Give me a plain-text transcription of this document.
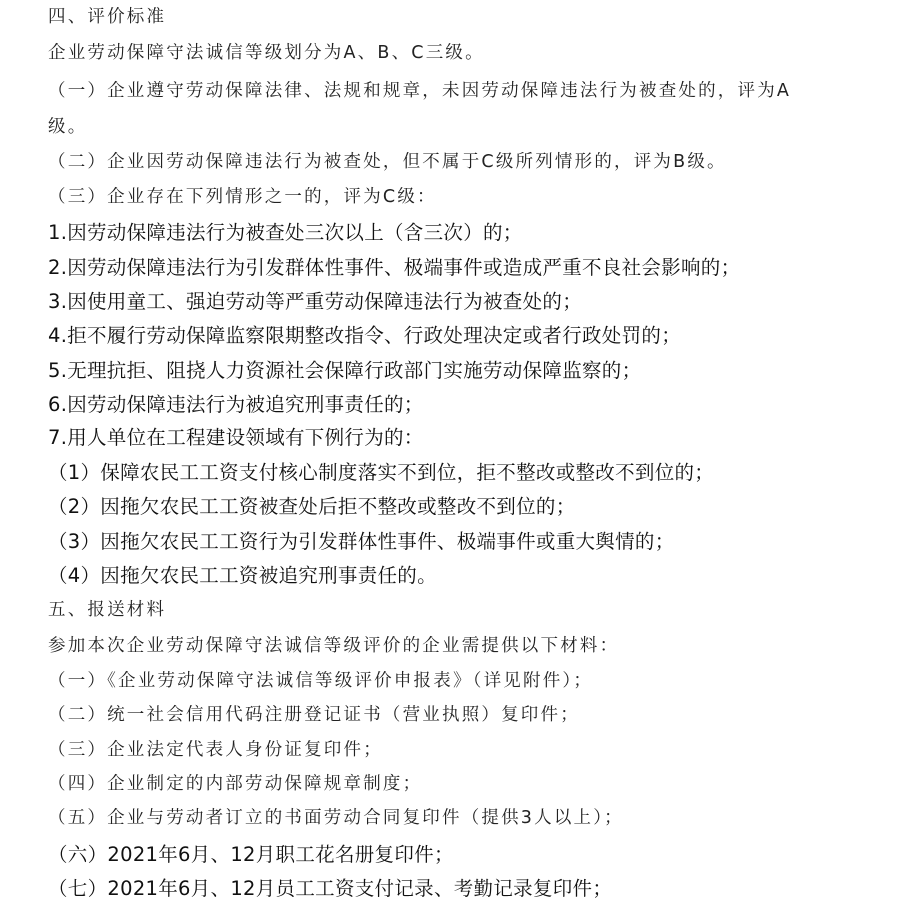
四、评价标准
企业劳动保障守法诚信等级划分为A、B、C三级。
（一）企业遵守劳动保障法律、法规和规章，未因劳动保障违法行为被查处的，评为A
级。
（二）企业因劳动保障违法行为被查处，但不属于C级所列情形的，评为B级。
（三）企业存在下列情形之一的，评为C级：
1.因劳动保障违法行为被查处三次以上（含三次）的；
2.因劳动保障违法行为引发群体性事件、极端事件或造成严重不良社会影响的；
3.因使用童工、强迫劳动等严重劳动保障违法行为被查处的；
4.拒不履行劳动保障监察限期整改指令、行政处理决定或者行政处罚的；
5.无理抗拒、阻挠人力资源社会保障行政部门实施劳动保障监察的；
6.因劳动保障违法行为被追究刑事责任的；
7.用人单位在工程建设领域有下例行为的：
（1）保障农民工工资支付核心制度落实不到位，拒不整改或整改不到位的；
（2）因拖欠农民工工资被查处后拒不整改或整改不到位的；
（3）因拖欠农民工工资行为引发群体性事件、极端事件或重大舆情的；
（4）因拖欠农民工工资被追究刑事责任的。
五、报送材料
参加本次企业劳动保障守法诚信等级评价的企业需提供以下材料：
（一）《企业劳动保障守法诚信等级评价申报表》（详见附件）；
（二）统一社会信用代码注册登记证书（营业执照）复印件；
（三）企业法定代表人身份证复印件；
（四）企业制定的内部劳动保障规章制度；
（五）企业与劳动者订立的书面劳动合同复印件（提供3人以上）；
（六）2021年6月、12月职工花名册复印件；
（七）2021年6月、12月员工工资支付记录、考勤记录复印件；
